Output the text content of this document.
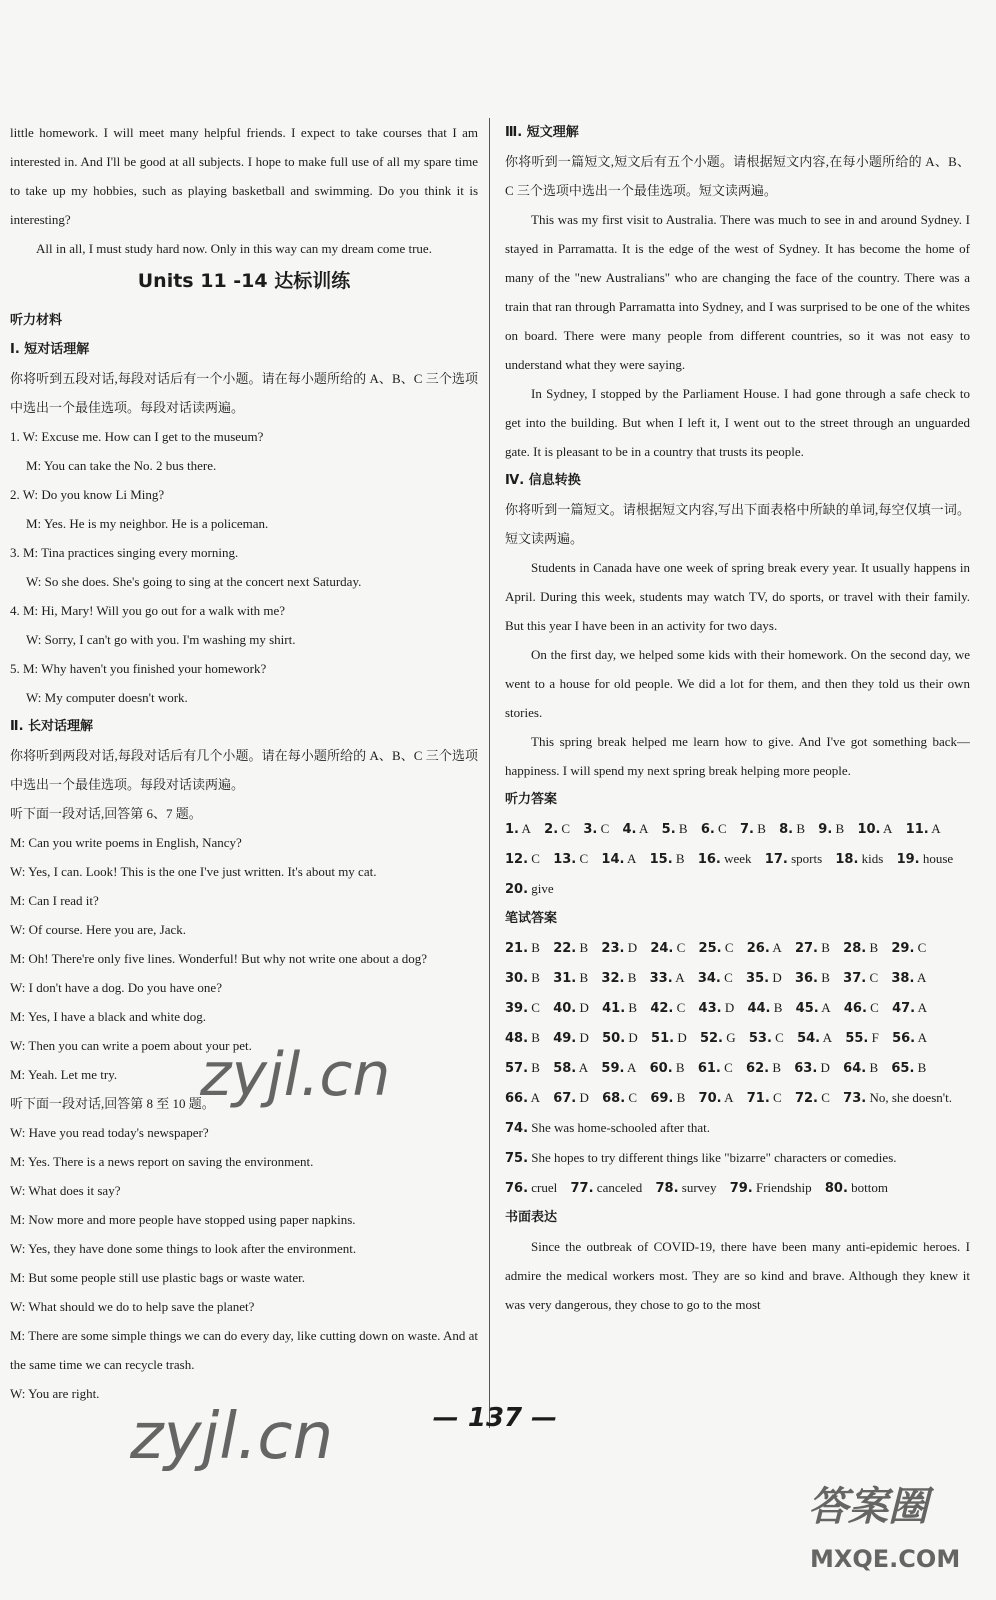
little homework. I will meet many helpful friends. I expect to take courses that I am interested in. And I'll be good at all subjects. I hope to make full use of all my spare time to take up my hobbies, such as playing basketball and swimming. Do you think it is interesting?

All in all, I must study hard now. Only in this way can my dream come true.

Units 11 -14 达标训练

听力材料

Ⅰ. 短对话理解

你将听到五段对话,每段对话后有一个小题。请在每小题所给的 A、B、C 三个选项中选出一个最佳选项。每段对话读两遍。

1. W: Excuse me. How can I get to the museum?

M: You can take the No. 2 bus there.

2. W: Do you know Li Ming?

M: Yes. He is my neighbor. He is a policeman.

3. M: Tina practices singing every morning.

W: So she does. She's going to sing at the concert next Saturday.

4. M: Hi, Mary! Will you go out for a walk with me?

W: Sorry, I can't go with you. I'm washing my shirt.

5. M: Why haven't you finished your homework?

W: My computer doesn't work.

Ⅱ. 长对话理解

你将听到两段对话,每段对话后有几个小题。请在每小题所给的 A、B、C 三个选项中选出一个最佳选项。每段对话读两遍。

听下面一段对话,回答第 6、7 题。

M: Can you write poems in English, Nancy?

W: Yes, I can. Look! This is the one I've just written. It's about my cat.

M: Can I read it?

W: Of course. Here you are, Jack.

M: Oh! There're only five lines. Wonderful! But why not write one about a dog?

W: I don't have a dog. Do you have one?

M: Yes, I have a black and white dog.

W: Then you can write a poem about your pet.

M: Yeah. Let me try.

听下面一段对话,回答第 8 至 10 题。

W: Have you read today's newspaper?

M: Yes. There is a news report on saving the environment.

W: What does it say?

M: Now more and more people have stopped using paper napkins.

W: Yes, they have done some things to look after the environment.

M: But some people still use plastic bags or waste water.

W: What should we do to help save the planet?

M: There are some simple things we can do every day, like cutting down on waste. And at the same time we can recycle trash.

W: You are right.

Ⅲ. 短文理解

你将听到一篇短文,短文后有五个小题。请根据短文内容,在每小题所给的 A、B、C 三个选项中选出一个最佳选项。短文读两遍。

This was my first visit to Australia. There was much to see in and around Sydney. I stayed in Parramatta. It is the edge of the west of Sydney. It has become the home of many of the "new Australians" who are changing the face of the country. There was a train that ran through Parramatta into Sydney, and I was surprised to be one of the whites on board. There were many people from different countries, so it was not easy to understand what they were saying.

In Sydney, I stopped by the Parliament House. I had gone through a safe check to get into the building. But when I left it, I went out to the street through an unguarded gate. It is pleasant to be in a country that trusts its people.

Ⅳ. 信息转换

你将听到一篇短文。请根据短文内容,写出下面表格中所缺的单词,每空仅填一词。短文读两遍。

Students in Canada have one week of spring break every year. It usually happens in April. During this week, students may watch TV, do sports, or travel with their family. But this year I have been in an activity for two days.

On the first day, we helped some kids with their homework. On the second day, we went to a house for old people. We did a lot for them, and then they told us their own stories.

This spring break helped me learn how to give. And I've got something back—happiness. I will spend my next spring break helping more people.

听力答案

1. A 2. C 3. C 4. A 5. B 6. C 7. B 8. B 9. B 10. A 11. A 12. C 13. C 14. A 15. B 16. week 17. sports 18. kids 19. house 20. give

笔试答案

21. B 22. B 23. D 24. C 25. C 26. A 27. B 28. B 29. C 30. B 31. B 32. B 33. A 34. C 35. D 36. B 37. C 38. A 39. C 40. D 41. B 42. C 43. D 44. B 45. A 46. C 47. A 48. B 49. D 50. D 51. D 52. G 53. C 54. A 55. F 56. A 57. B 58. A 59. A 60. B 61. C 62. B 63. D 64. B 65. B 66. A 67. D 68. C 69. B 70. A 71. C 72. C 73. No, she doesn't. 74. She was home-schooled after that. 75. She hopes to try different things like "bizarre" characters or comedies. 76. cruel 77. canceled 78. survey 79. Friendship 80. bottom

书面表达

Since the outbreak of COVID-19, there have been many anti-epidemic heroes. I admire the medical workers most. They are so kind and brave. Although they knew it was very dangerous, they chose to go to the most

— 137 —
zyjl.cn
zyjl.cn
答案圈
MXQE.COM
